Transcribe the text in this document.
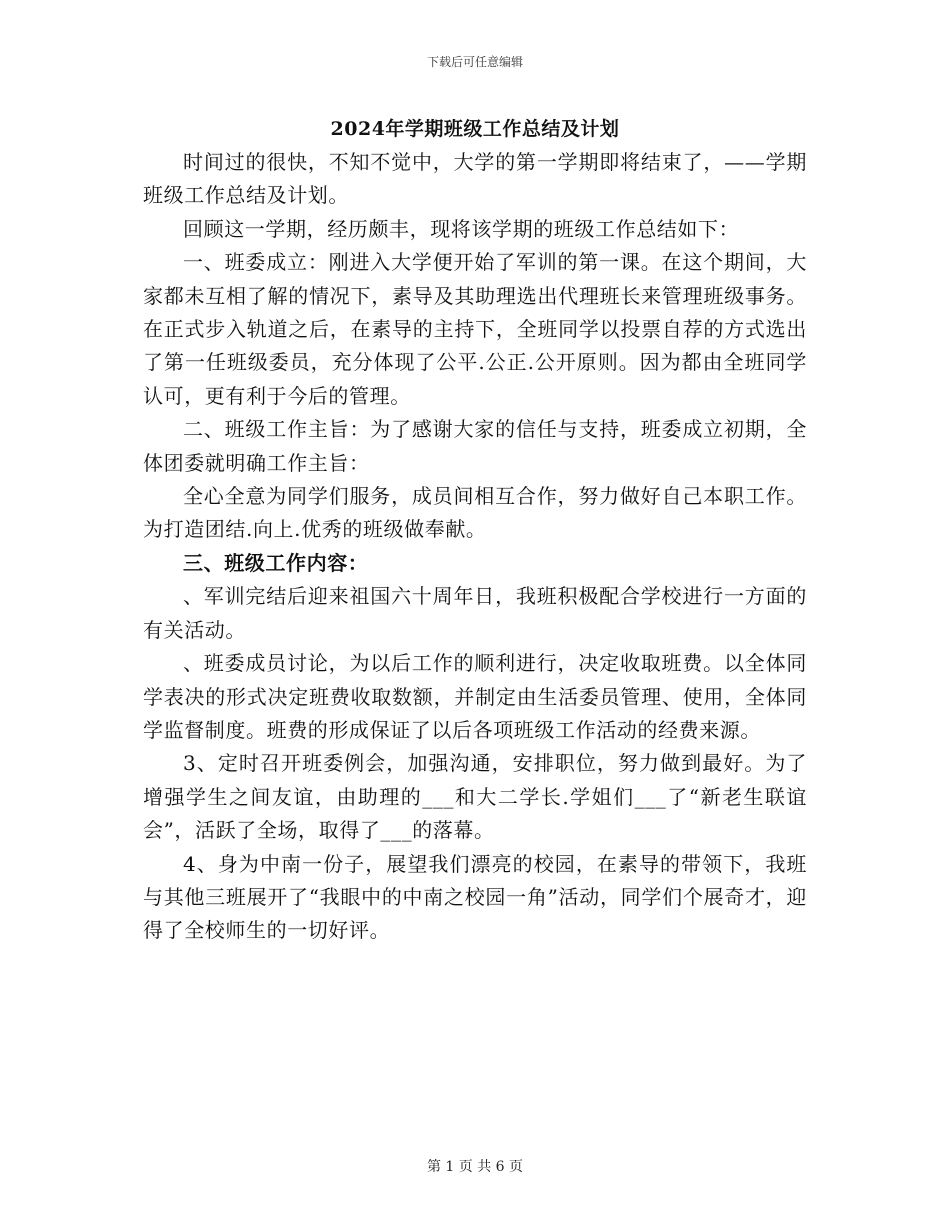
下载后可任意编辑
2024年学期班级工作总结及计划

时间过的很快，不知不觉中，大学的第一学期即将结束了，——学期班级工作总结及计划。

回顾这一学期，经历颇丰，现将该学期的班级工作总结如下：

一、班委成立：刚进入大学便开始了军训的第一课。在这个期间，大家都未互相了解的情况下，素导及其助理选出代理班长来管理班级事务。在正式步入轨道之后，在素导的主持下，全班同学以投票自荐的方式选出了第一任班级委员，充分体现了公平.公正.公开原则。因为都由全班同学认可，更有利于今后的管理。

二、班级工作主旨：为了感谢大家的信任与支持，班委成立初期，全体团委就明确工作主旨：

全心全意为同学们服务，成员间相互合作，努力做好自己本职工作。为打造团结.向上.优秀的班级做奉献。

三、班级工作内容：

、军训完结后迎来祖国六十周年日，我班积极配合学校进行一方面的有关活动。

、班委成员讨论，为以后工作的顺利进行，决定收取班费。以全体同学表决的形式决定班费收取数额，并制定由生活委员管理、使用，全体同学监督制度。班费的形成保证了以后各项班级工作活动的经费来源。

3、定时召开班委例会，加强沟通，安排职位，努力做到最好。为了增强学生之间友谊，由助理的___和大二学长.学姐们___了“新老生联谊会”，活跃了全场，取得了___的落幕。

4、身为中南一份子，展望我们漂亮的校园，在素导的带领下，我班与其他三班展开了“我眼中的中南之校园一角”活动，同学们个展奇才，迎得了全校师生的一切好评。

第 1 页 共 6 页
